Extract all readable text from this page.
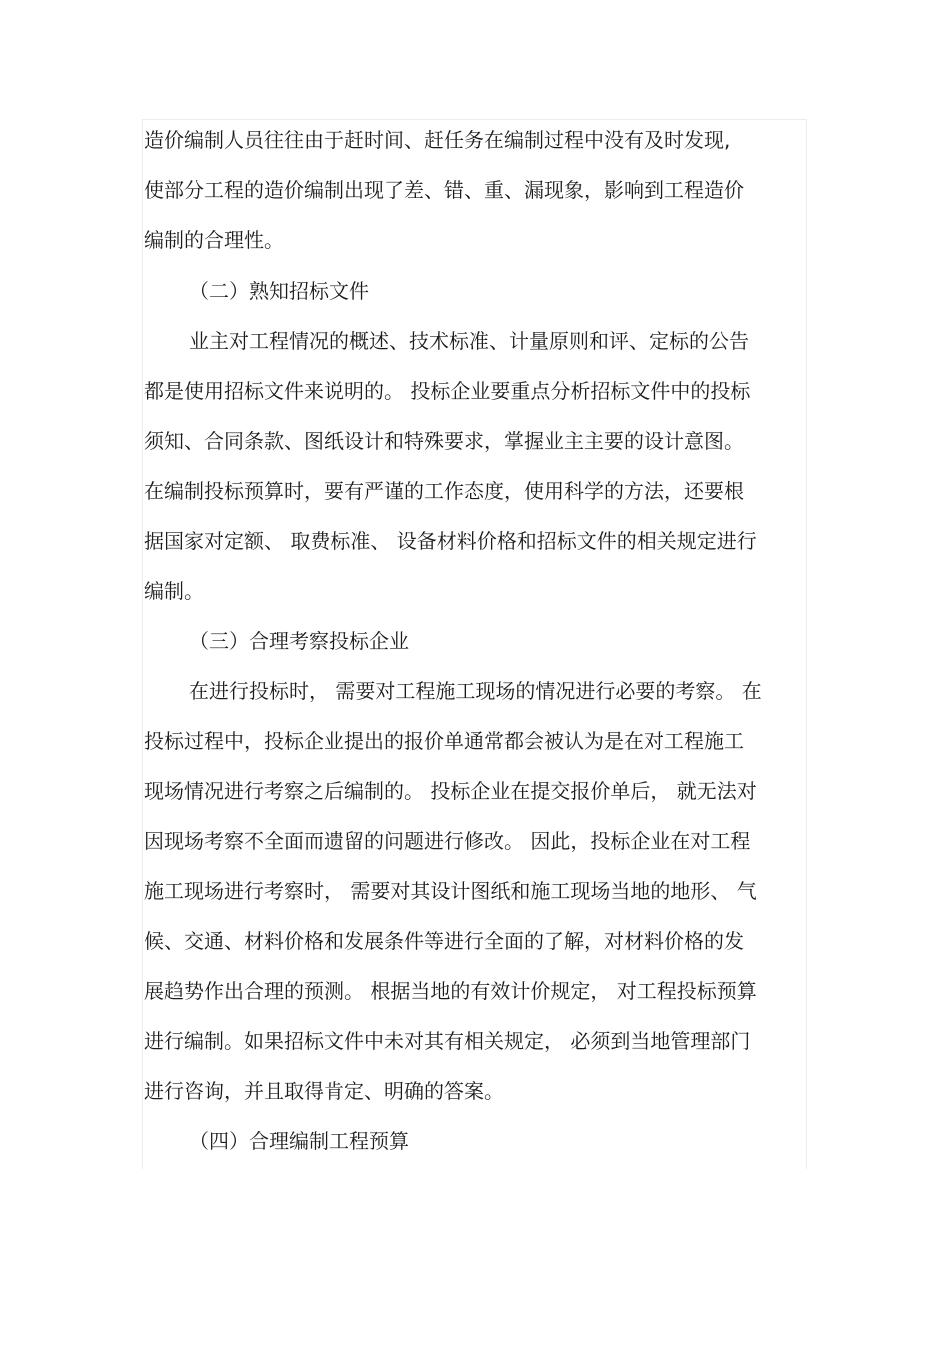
造价编制人员往往由于赶时间、赶任务在编制过程中没有及时发现,
使部分工程的造价编制出现了差、错、重、漏现象，影响到工程造价
编制的合理性。
（二）熟知招标文件
业主对工程情况的概述、技术标准、计量原则和评、定标的公告
都是使用招标文件来说明的。 投标企业要重点分析招标文件中的投标
须知、合同条款、图纸设计和特殊要求，掌握业主主要的设计意图。
在编制投标预算时，要有严谨的工作态度，使用科学的方法，还要根
据国家对定额、 取费标准、 设备材料价格和招标文件的相关规定进行
编制。
（三）合理考察投标企业
在进行投标时， 需要对工程施工现场的情况进行必要的考察。 在
投标过程中，投标企业提出的报价单通常都会被认为是在对工程施工
现场情况进行考察之后编制的。 投标企业在提交报价单后， 就无法对
因现场考察不全面而遗留的问题进行修改。 因此，投标企业在对工程
施工现场进行考察时， 需要对其设计图纸和施工现场当地的地形、 气
候、交通、材料价格和发展条件等进行全面的了解，对材料价格的发
展趋势作出合理的预测。 根据当地的有效计价规定， 对工程投标预算
进行编制。如果招标文件中未对其有相关规定， 必须到当地管理部门
进行咨询，并且取得肯定、明确的答案。
（四）合理编制工程预算
